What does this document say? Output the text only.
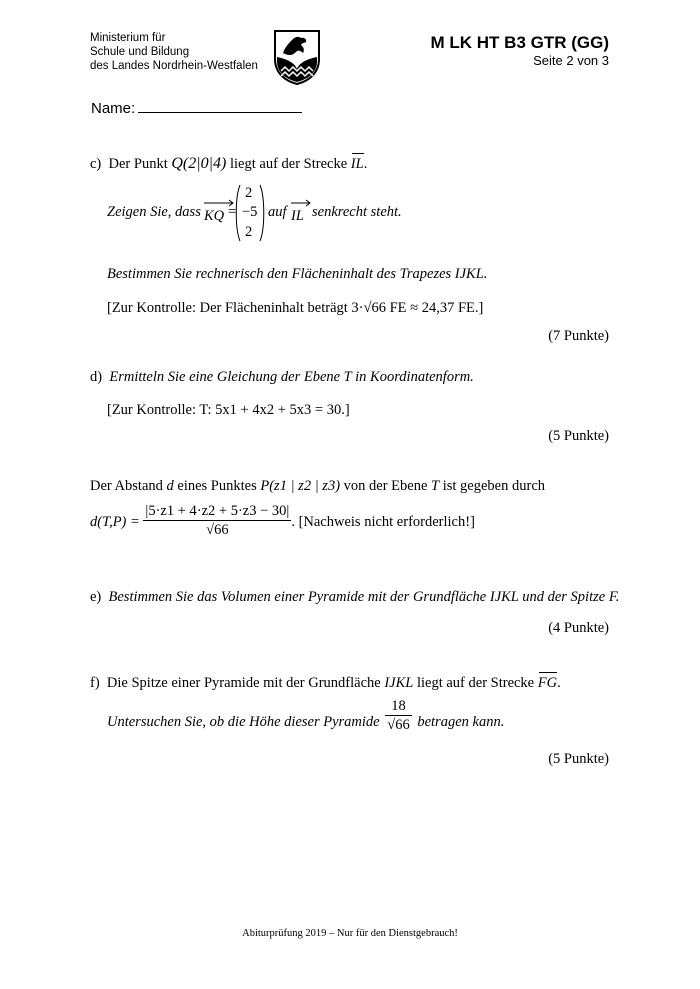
Ministerium für
Schule und Bildung
des Landes Nordrhein-Westfalen
M LK HT B3 GTR (GG)
Seite 2 von 3
Name:
c) Der Punkt Q(2|0|4) liegt auf der Strecke IL.
Zeigen Sie, dass KQ =
2
−5
2
auf IL senkrecht steht.
Bestimmen Sie rechnerisch den Flächeninhalt des Trapezes IJKL.
[Zur Kontrolle: Der Flächeninhalt beträgt 3·√66 FE ≈ 24,37 FE.]
(7 Punkte)
d) Ermitteln Sie eine Gleichung der Ebene T in Koordinatenform.
[Zur Kontrolle: T: 5x1 + 4x2 + 5x3 = 30.]
(5 Punkte)
Der Abstand d eines Punktes P(z1 | z2 | z3) von der Ebene T ist gegeben durch
$d(T,P) = \frac{|5\cdot z1 + 4\cdot z2 + 5\cdot z3 - 30|}{√66}$ . [Nachweis nicht erforderlich!]
e) Bestimmen Sie das Volumen einer Pyramide mit der Grundfläche IJKL und der Spitze F.
(4 Punkte)
f) Die Spitze einer Pyramide mit der Grundfläche IJKL liegt auf der Strecke FG.
Untersuchen Sie, ob die Höhe dieser Pyramide $\frac{18}{√66}$ betragen kann.
(5 Punkte)
Abiturprüfung 2019 – Nur für den Dienstgebrauch!
